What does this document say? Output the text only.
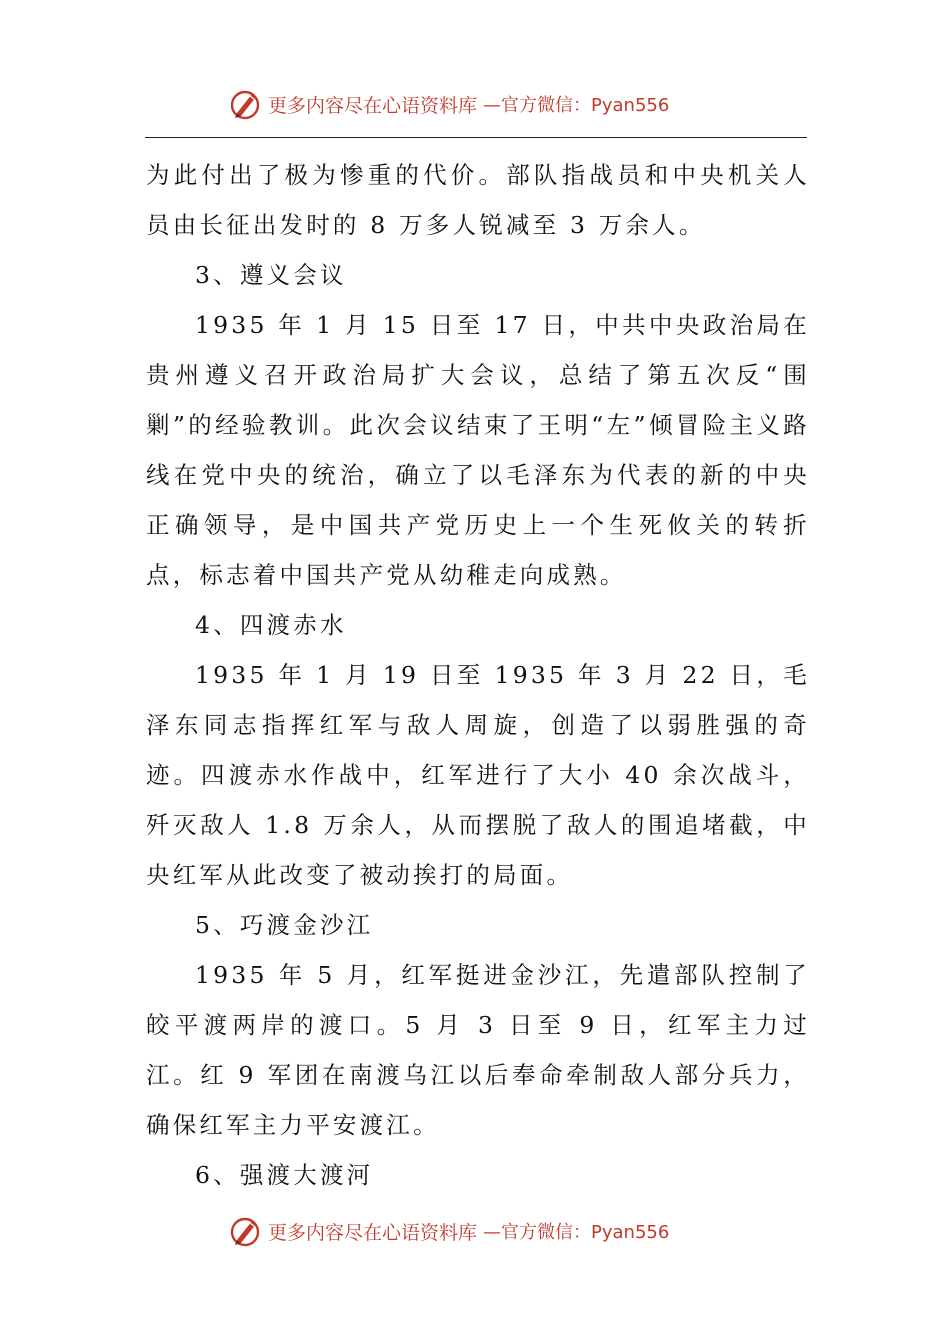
更多内容尽在心语资料库 —官方微信：Pyan556

为此付出了极为惨重的代价。部队指战员和中央机关人员由长征出发时的 8 万多人锐减至 3 万余人。

3、遵义会议

1935 年 1 月 15 日至 17 日，中共中央政治局在贵州遵义召开政治局扩大会议，总结了第五次反“围剿”的经验教训。此次会议结束了王明“左”倾冒险主义路线在党中央的统治，确立了以毛泽东为代表的新的中央正确领导，是中国共产党历史上一个生死攸关的转折点，标志着中国共产党从幼稚走向成熟。

4、四渡赤水

1935 年 1 月 19 日至 1935 年 3 月 22 日，毛泽东同志指挥红军与敌人周旋，创造了以弱胜强的奇迹。四渡赤水作战中，红军进行了大小 40 余次战斗，歼灭敌人 1.8 万余人，从而摆脱了敌人的围追堵截，中央红军从此改变了被动挨打的局面。

5、巧渡金沙江

1935 年 5 月，红军挺进金沙江，先遣部队控制了皎平渡两岸的渡口。5 月 3 日至 9 日，红军主力过江。红 9 军团在南渡乌江以后奉命牵制敌人部分兵力，确保红军主力平安渡江。

6、强渡大渡河

更多内容尽在心语资料库 —官方微信：Pyan556
